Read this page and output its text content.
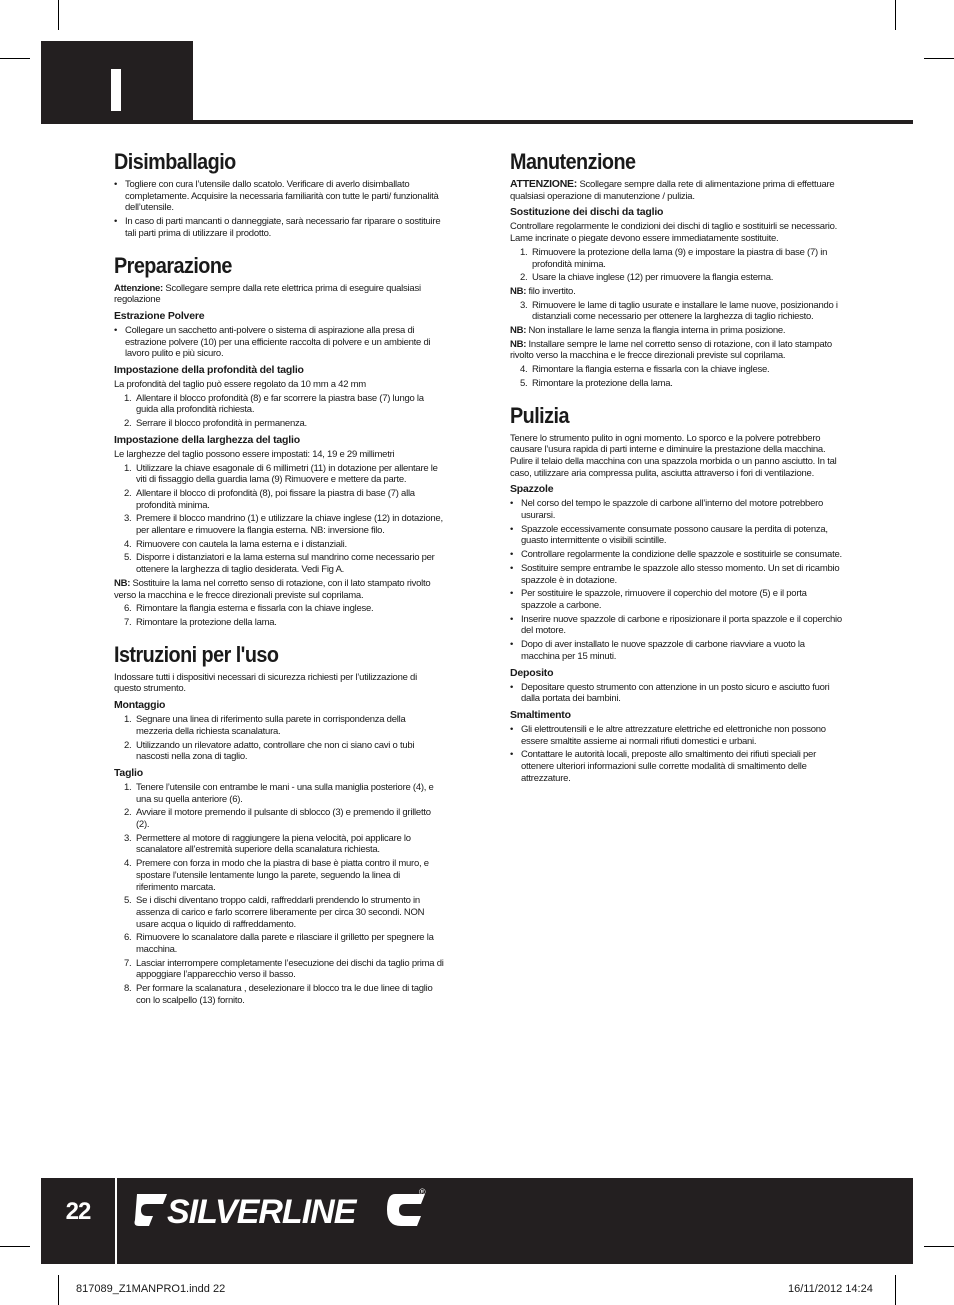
Disimballagio
• Togliere con cura l’utensile dallo scatolo. Verificare di averlo disimballato completamente. Acquisire la necessaria familiarità con tutte le parti/ funzionalità dell’utensile.
• In caso di parti mancanti o danneggiate, sarà necessario far riparare o sostituire tali parti prima di utilizzare il prodotto.
Preparazione

Attenzione: Scollegare sempre dalla rete elettrica prima di eseguire qualsiasi regolazione

Estrazione Polvere
• Collegare un sacchetto anti-polvere o sistema di aspirazione alla presa di estrazione polvere (10) per una efficiente raccolta di polvere e un ambiente di lavoro pulito e più sicuro.
Impostazione della profondità del taglio

La profondità del taglio può essere regolato da 10 mm a 42 mm

1. Allentare il blocco profondità (8) e far scorrere la piastra base (7) lungo la guida alla profondità richiesta.
2. Serrare il blocco profondità in permanenza.
Impostazione della larghezza del taglio

Le larghezze del taglio possono essere impostati: 14, 19 e 29 millimetri

1. Utilizzare la chiave esagonale di 6 millimetri (11) in dotazione per allentare le viti di fissaggio della guardia lama (9) Rimuovere e mettere da parte.
2. Allentare il blocco di profondità (8), poi fissare la piastra di base (7) alla profondità minima.
3. Premere il blocco mandrino (1) e utilizzare la chiave inglese (12) in dotazione, per allentare e rimuovere la flangia esterna. NB: inversione filo.
4. Rimuovere con cautela la lama esterna e i distanziali.
5. Disporre i distanziatori e la lama esterna sul mandrino come necessario per ottenere la larghezza di taglio desiderata. Vedi Fig A.

NB: Sostituire la lama nel corretto senso di rotazione, con il lato stampato rivolto verso la macchina e le frecce direzionali previste sul coprilama.

6. Rimontare la flangia esterna e fissarla con la chiave inglese.
7. Rimontare la protezione della lama.
Istruzioni per l'uso

Indossare tutti i dispositivi necessari di sicurezza richiesti per l’utilizzazione di questo strumento.

Montaggio
1. Segnare una linea di riferimento sulla parete in corrispondenza della mezzeria della richiesta scanalatura.
2. Utilizzando un rilevatore adatto, controllare che non ci siano cavi o tubi nascosti nella zona di taglio.
Taglio
1. Tenere l’utensile con entrambe le mani - una sulla maniglia posteriore (4), e una su quella anteriore (6).
2. Avviare il motore premendo il pulsante di sblocco (3) e premendo il grilletto (2).
3. Permettere al motore di raggiungere la piena velocità, poi applicare lo scanalatore all’estremità superiore della scanalatura richiesta.
4. Premere con forza in modo che la piastra di base è piatta contro il muro, e spostare l’utensile lentamente lungo la parete, seguendo la linea di riferimento marcata.
5. Se i dischi diventano troppo caldi, raffreddarli prendendo lo strumento in assenza di carico e farlo scorrere liberamente per circa 30 secondi. NON usare acqua o liquido di raffreddamento.
6. Rimuovere lo scanalatore dalla parete e rilasciare il grilletto per spegnere la macchina.
7. Lasciar interrompere completamente l’esecuzione dei dischi da taglio prima di appoggiare l’apparecchio verso il basso.
8. Per formare la scalanatura , deselezionare il blocco tra le due linee di taglio con lo scalpello (13) fornito.
Manutenzione

ATTENZIONE: Scollegare sempre dalla rete di alimentazione prima di effettuare qualsiasi operazione di manutenzione / pulizia.

Sostituzione dei dischi da taglio

Controllare regolarmente le condizioni dei dischi di taglio e sostituirli se necessario. Lame incrinate o piegate devono essere immediatamente sostituite.

1. Rimuovere la protezione della lama (9) e impostare la piastra di base (7) in profondità minima.
2. Usare la chiave inglese (12) per rimuovere la flangia esterna.

NB: filo invertito.

3. Rimuovere le lame di taglio usurate e installare le lame nuove, posizionando i distanziali come necessario per ottenere la larghezza di taglio richiesto.

NB: Non installare le lame senza la flangia interna in prima posizione.

NB: Installare sempre le lame nel corretto senso di rotazione, con il lato stampato rivolto verso la macchina e le frecce direzionali previste sul coprilama.

4. Rimontare la flangia esterna e fissarla con la chiave inglese.
5. Rimontare la protezione della lama.
Pulizia

Tenere lo strumento pulito in ogni momento. Lo sporco e la polvere potrebbero causare l’usura rapida di parti interne e diminuire la prestazione della macchina. Pulire il telaio della macchina con una spazzola morbida o un panno asciutto. In tal caso, utilizzare aria compressa pulita, asciutta attraverso i fori di ventilazione.

Spazzole
• Nel corso del tempo le spazzole di carbone all’interno del motore potrebbero usurarsi.
• Spazzole eccessivamente consumate possono causare la perdita di potenza, guasto intermittente o visibili scintille.
• Controllare regolarmente la condizione delle spazzole e sostituirle se consumate.
• Sostituire sempre entrambe le spazzole allo stesso momento. Un set di ricambio spazzole è in dotazione.
• Per sostituire le spazzole, rimuovere il coperchio del motore (5) e il porta spazzole a carbone.
• Inserire nuove spazzole di carbone e riposizionare il porta spazzole e il coperchio del motore.
• Dopo di aver installato le nuove spazzole di carbone riavviare a vuoto la macchina per 15 minuti.
Deposito
• Depositare questo strumento con attenzione in un posto sicuro e asciutto fuori dalla portata dei bambini.
Smaltimento
• Gli elettroutensili e le altre attrezzature elettriche ed elettroniche non possono essere smaltite assieme ai normali rifiuti domestici e urbani.
• Contattare le autorità locali, preposte allo smaltimento dei rifiuti speciali per ottenere ulteriori informazioni sulle corrette modalità di smaltimento delle attrezzature.
22	SILVERLINE
®
817089_Z1MANPRO1.indd 22	16/11/2012 14:24
